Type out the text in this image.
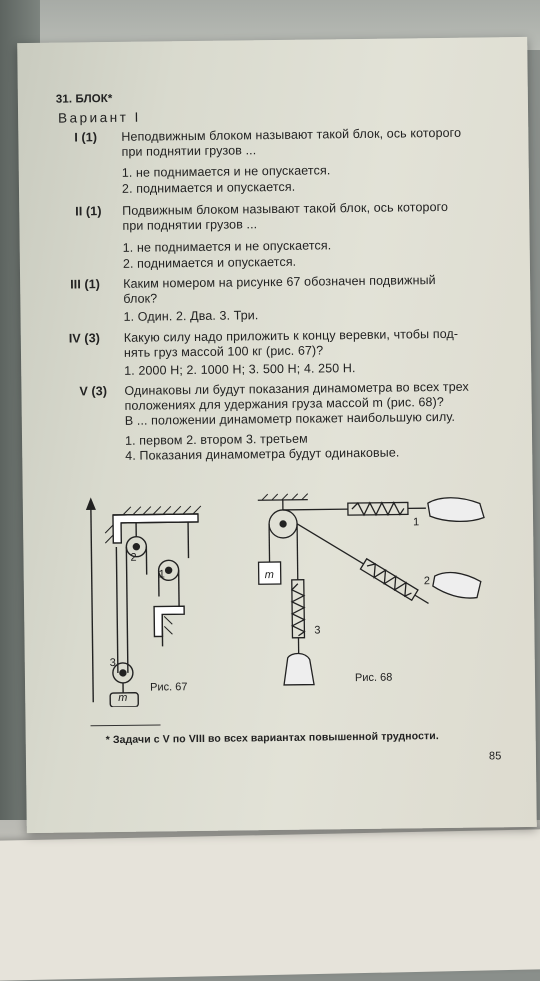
31. БЛОК*
Вариант I
I (1) Неподвижным блоком называют такой блок, ось которого
при поднятии грузов ...
1. не поднимается и не опускается.
2. поднимается и опускается.
II (1) Подвижным блоком называют такой блок, ось которого
при поднятии грузов ...
1. не поднимается и не опускается.
2. поднимается и опускается.
III (1) Каким номером на рисунке 67 обозначен подвижный
блок?
1. Один. 2. Два. 3. Три.
IV (3) Какую силу надо приложить к концу веревки, чтобы под-
нять груз массой 100 кг (рис. 67)?
1. 2000 Н; 2. 1000 Н; 3. 500 Н; 4. 250 Н.
V (3) Одинаковы ли будут показания динамометра во всех трех
положениях для удержания груза массой m (рис. 68)?
В ... положении динамометр покажет наибольшую силу.
1. первом 2. втором 3. третьем
4. Показания динамометра будут одинаковые.
2
1
3
m
Рис. 67
1
2
3
m
Рис. 68
* Задачи с V по VIII во всех вариантах повышенной трудности.
85
